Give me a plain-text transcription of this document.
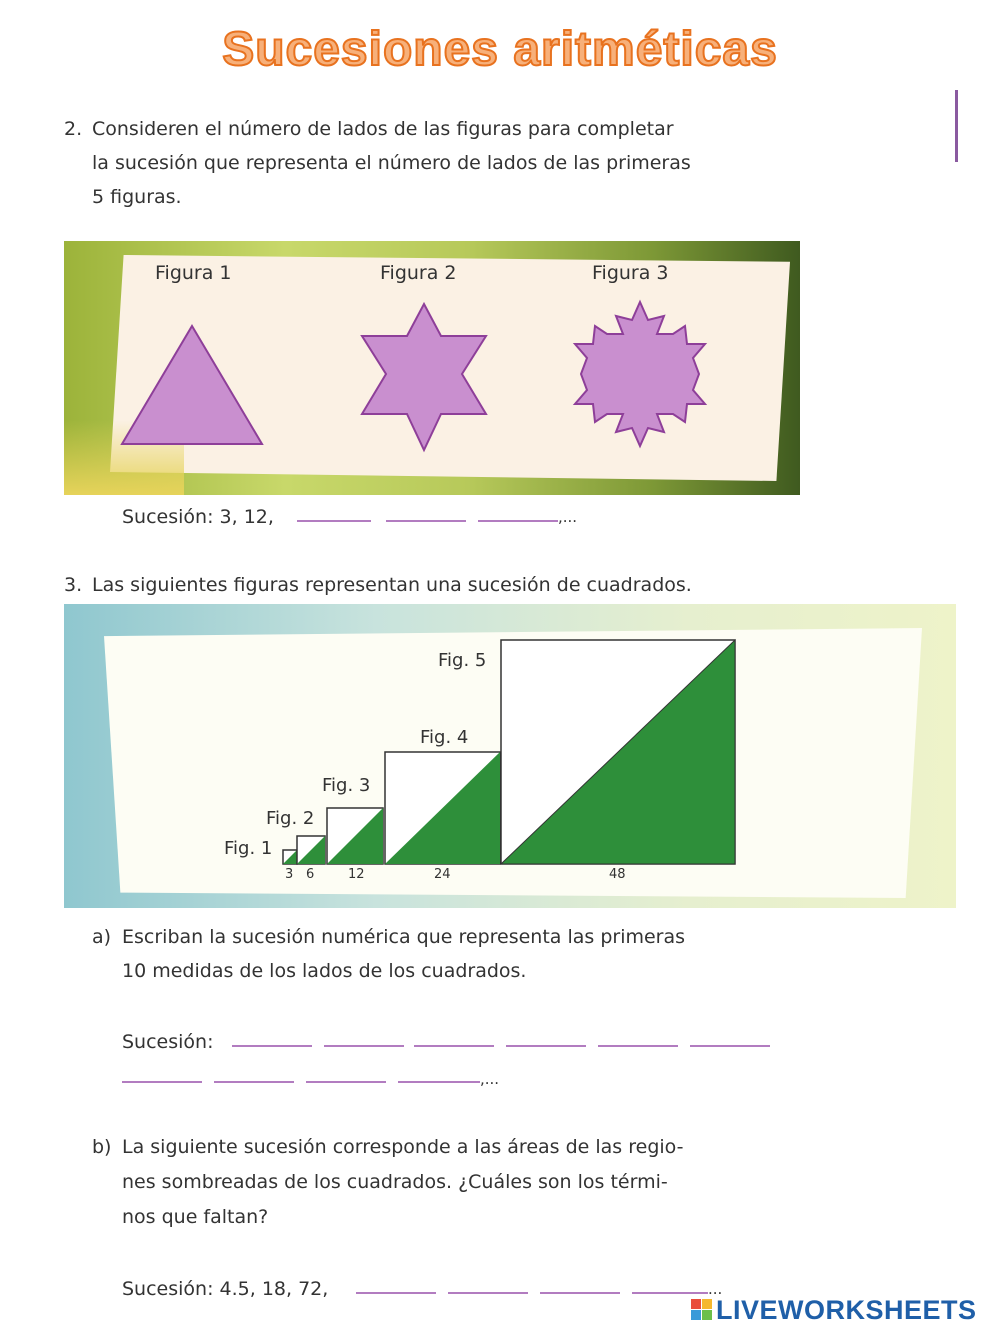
Sucesiones aritméticas
2. Consideren el número de lados de las figuras para completar
la sucesión que representa el número de lados de las primeras
5 figuras.
Figura 1	Figura 2	Figura 3
Sucesión: 3, 12,	,...
3. Las siguientes figuras representan una sucesión de cuadrados.
Fig. 1
Fig. 2
Fig. 3
Fig. 4
Fig. 5
3 6	12	24	48
a) Escriban la sucesión numérica que representa las primeras
10 medidas de los lados de los cuadrados.
Sucesión:
,...
b) La siguiente sucesión corresponde a las áreas de las regio-
nes sombreadas de los cuadrados. ¿Cuáles son los térmi-
nos que faltan?
Sucesión: 4.5, 18, 72,	...
LIVEWORKSHEETS
